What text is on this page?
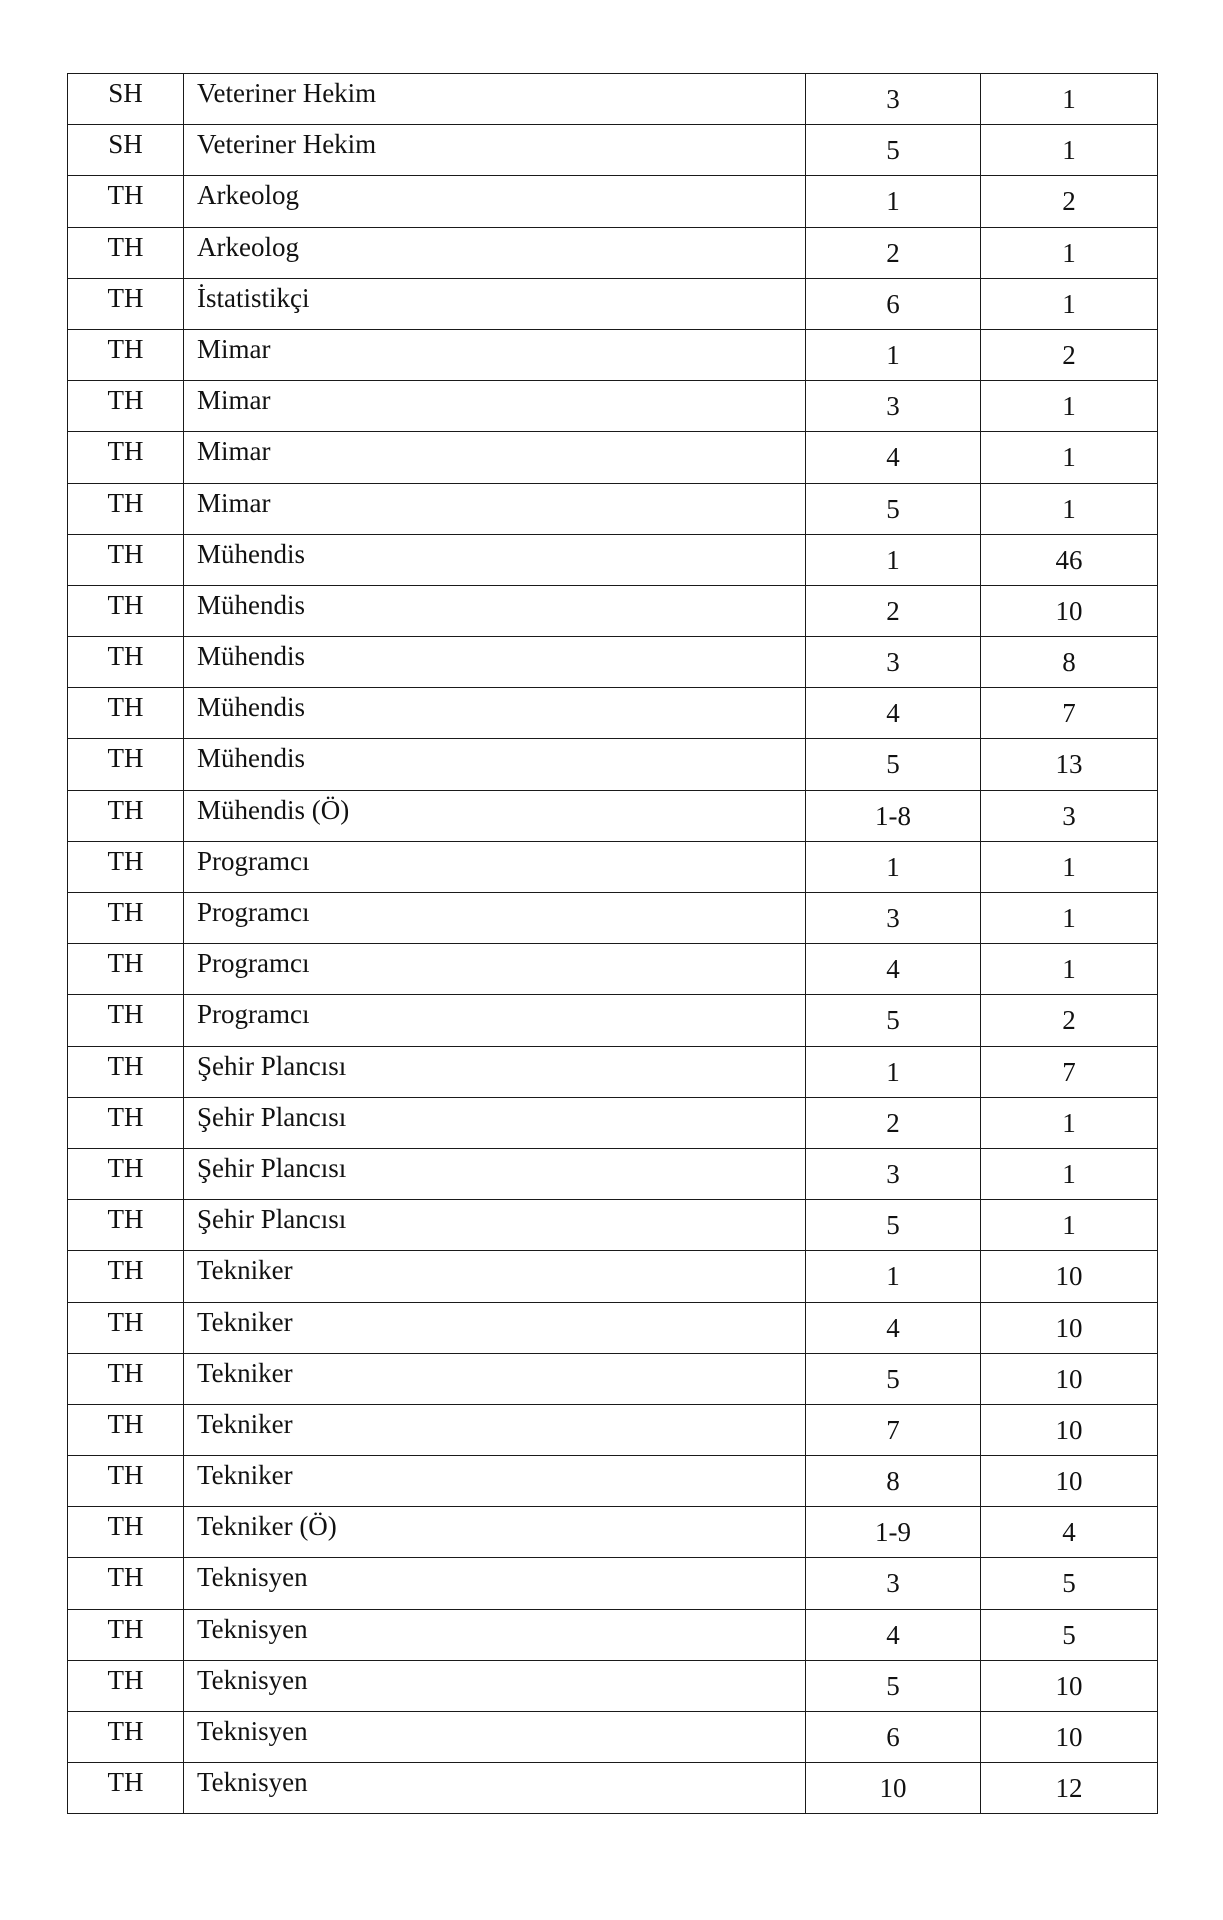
SH	Veteriner Hekim	3	1
SH	Veteriner Hekim	5	1
TH	Arkeolog	1	2
TH	Arkeolog	2	1
TH	İstatistikçi	6	1
TH	Mimar	1	2
TH	Mimar	3	1
TH	Mimar	4	1
TH	Mimar	5	1
TH	Mühendis	1	46
TH	Mühendis	2	10
TH	Mühendis	3	8
TH	Mühendis	4	7
TH	Mühendis	5	13
TH	Mühendis (Ö)	1-8	3
TH	Programcı	1	1
TH	Programcı	3	1
TH	Programcı	4	1
TH	Programcı	5	2
TH	Şehir Plancısı	1	7
TH	Şehir Plancısı	2	1
TH	Şehir Plancısı	3	1
TH	Şehir Plancısı	5	1
TH	Tekniker	1	10
TH	Tekniker	4	10
TH	Tekniker	5	10
TH	Tekniker	7	10
TH	Tekniker	8	10
TH	Tekniker (Ö)	1-9	4
TH	Teknisyen	3	5
TH	Teknisyen	4	5
TH	Teknisyen	5	10
TH	Teknisyen	6	10
TH	Teknisyen	10	12
